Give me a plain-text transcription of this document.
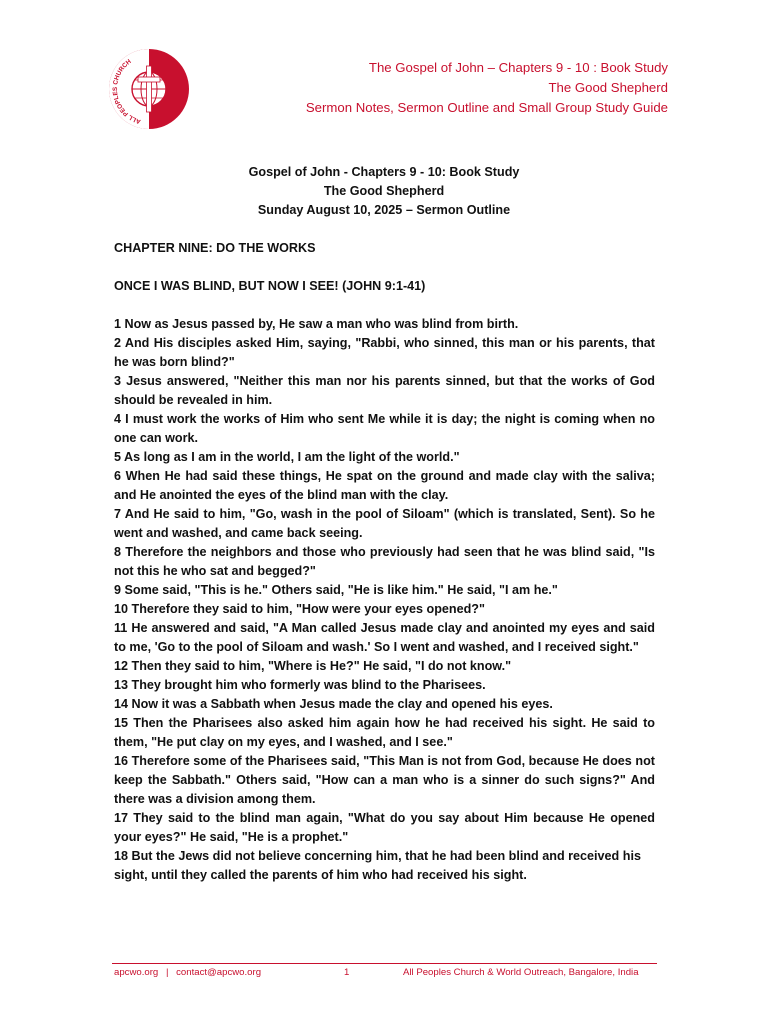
ALL PEOPLES CHURCH	The Gospel of John – Chapters 9 - 10 : Book Study
The Good Shepherd
Sermon Notes, Sermon Outline and Small Group Study Guide
Gospel of John - Chapters 9 - 10: Book Study
The Good Shepherd
Sunday August 10, 2025 – Sermon Outline
CHAPTER NINE: DO THE WORKS
ONCE I WAS BLIND, BUT NOW I SEE! (JOHN 9:1-41)

1 Now as Jesus passed by, He saw a man who was blind from birth.

2 And His disciples asked Him, saying, "Rabbi, who sinned, this man or his parents, that he was born blind?"

3 Jesus answered, "Neither this man nor his parents sinned, but that the works of God should be revealed in him.

4 I must work the works of Him who sent Me while it is day; the night is coming when no one can work.

5 As long as I am in the world, I am the light of the world."

6 When He had said these things, He spat on the ground and made clay with the saliva; and He anointed the eyes of the blind man with the clay.

7 And He said to him, "Go, wash in the pool of Siloam" (which is translated, Sent). So he went and washed, and came back seeing.

8 Therefore the neighbors and those who previously had seen that he was blind said, "Is not this he who sat and begged?"

9 Some said, "This is he." Others said, "He is like him." He said, "I am he."

10 Therefore they said to him, "How were your eyes opened?"

11 He answered and said, "A Man called Jesus made clay and anointed my eyes and said to me, 'Go to the pool of Siloam and wash.' So I went and washed, and I received sight."

12 Then they said to him, "Where is He?" He said, "I do not know."

13 They brought him who formerly was blind to the Pharisees.

14 Now it was a Sabbath when Jesus made the clay and opened his eyes.

15 Then the Pharisees also asked him again how he had received his sight. He said to them, "He put clay on my eyes, and I washed, and I see."

16 Therefore some of the Pharisees said, "This Man is not from God, because He does not keep the Sabbath." Others said, "How can a man who is a sinner do such signs?" And there was a division among them.

17 They said to the blind man again, "What do you say about Him because He opened your eyes?" He said, "He is a prophet."

18 But the Jews did not believe concerning him, that he had been blind and received his sight, until they called the parents of him who had received his sight.

apcwo.org | contact@apcwo.org	1	All Peoples Church & World Outreach, Bangalore, India
